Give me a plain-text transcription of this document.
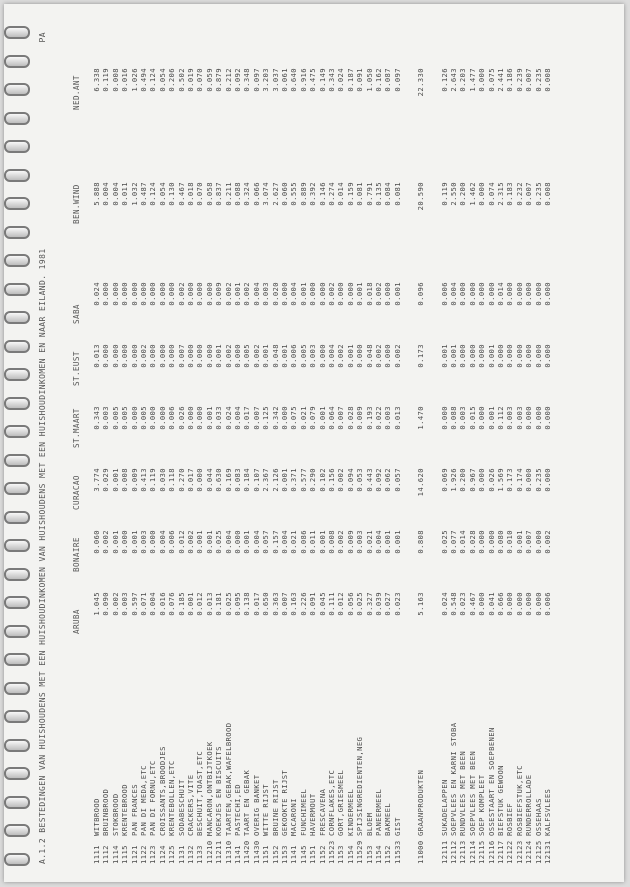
A.1.2 BESTEDINGEN VAN HUISHOUDENS MET EEN HUISHOUDINKOMEN VAN HUISHOUDENS MET EEN HUISHOUDINKOMEN EN NAAR EILAND. 1981
PA
ARUBA
BONAIRE
CURACAO
ST.MAART
ST.EUST
SABA
BEN.WIND
NED.ANT
1111
WITBROOD
1.045
0.060
3.774
0.343
0.013
0.024
5.888
6.338
1112
BRUINBROOD
0.090
0.002
0.029
0.003
0.000
0.000
0.004
0.119
1114
STOKBROOD
0.002
0.001
0.001
0.005
0.000
0.000
0.004
0.008
1115
KRENTEBROOD
0.003
0.000
0.008
0.005
0.000
0.000
0.011
0.016
1121
PAN FRANCES
0.597
0.001
0.009
0.000
0.000
0.000
1.032
1.026
1122
PAN DI MEDA,ETC
0.071
0.003
0.413
0.005
0.002
0.000
0.487
0.494
1123
PAN DI FORNU,ETC
0.004
0.000
0.119
0.000
0.000
0.000
0.124
0.124
1124
CROISSANTS,BROODJES
0.016
0.004
0.030
0.000
0.000
0.000
0.054
0.054
1125
KRENTEBOLLEN,ETC
0.076
0.006
0.118
0.006
0.000
0.000
0.130
0.206
1131
SODABESCHUIT
0.185
0.012
0.270
0.026
0.007
0.002
0.467
0.502
1132
CRACKERS,VITE
0.001
0.002
0.017
0.000
0.000
0.000
0.018
0.019
1133
BESCHUIT,TOAST,ETC
0.012
0.001
0.000
0.000
0.000
0.000
0.070
0.070
11210
MANCARON,ONTBIJTKOEK
0.013
0.001
0.044
0.001
0.000
0.000
0.058
0.059
11211
KOEKJES EN BISCUITS
0.181
0.025
0.630
0.033
0.001
0.009
0.837
0.879
11310
TAARTEN,GEBAK,WAFELBROOD
0.025
0.004
0.169
0.024
0.002
0.002
0.211
0.212
1141
PASTECHI,ED
0.095
0.000
0.083
0.004
0.000
0.001
0.088
0.092
11420
TAART EN GEBAK
0.138
0.001
0.184
0.017
0.005
0.002
0.324
0.348
11430
OVERIG BANKET
0.017
0.004
0.107
0.007
0.002
0.004
0.066
0.097
1151
WITTE RIJST
0.650
0.057
2.367
0.125
0.001
0.003
3.074
3.203
1152
BRUINE RIJST
0.363
0.157
2.126
0.342
0.048
0.020
2.627
3.037
1153
GEKOOKTE RIJST
0.007
0.004
0.001
0.000
0.001
0.000
0.060
0.061
1141
MACARONI
0.163
0.021
0.371
0.075
0.006
0.004
0.555
0.640
1145
FUNCHIMEEL
0.226
0.086
0.577
0.021
0.005
0.001
0.889
0.916
1151
HAVERMOUT
0.091
0.011
0.290
0.079
0.003
0.000
0.392
0.475
1152
FRESCAVENA
0.045
0.001
0.102
0.001
0.000
0.000
0.146
0.149
11523
CORNFLAKES,ETC
0.111
0.008
0.156
0.064
0.004
0.002
0.274
0.343
1153
GORT,GRIESMEEL
0.012
0.002
0.002
0.007
0.002
0.000
0.014
0.024
1154
KINDERMEEL
0.056
0.009
0.094
0.028
0.001
0.000
0.159
0.187
11529
SPIJSINGREDIENTEN,NEG
0.025
0.003
0.053
0.009
0.000
0.001
0.081
0.091
1153
BLOEM
0.327
0.021
0.443
0.193
0.048
0.018
0.791
1.050
1154
PANEERMEEL
0.039
0.004
0.092
0.022
0.002
0.002
0.135
0.162
1152
BAKMEEL
0.027
0.001
0.062
0.003
0.000
0.000
0.084
0.087
11533
GIST
0.023
0.001
0.057
0.013
0.002
0.001
0.081
0.097
11000
GRAANPRODUKTEN
5.163
0.808
14.620
1.470
0.173
0.096
20.590
22.330
12111
SUKADELAPPEN
0.024
0.025
0.069
0.000
0.001
0.006
0.119
0.126
12112
SOEPVLEES EN KARNI STOBA
0.548
0.077
1.926
0.088
0.001
0.004
2.550
2.643
12113
RUNDVLEES MET BEEN
0.023
0.014
0.200
0.003
0.000
0.000
0.200
0.203
12114
SOEPVLEES MET BEEN
0.467
0.028
0.967
0.015
0.000
0.000
1.462
1.477
12115
SOEP KOMPLEET
0.000
0.000
0.000
0.000
0.000
0.000
0.000
0.000
12116
OSSESTAART EN SOEPBENEN
0.041
0.000
0.026
0.001
0.001
0.000
0.074
0.075
12117
BIEFSTUK GEWOON
0.666
0.080
1.569
0.112
0.000
0.014
2.315
2.441
12122
ROSBIEF
0.000
0.010
0.173
0.003
0.000
0.000
0.183
0.186
12123
ROSBIEFSTUK,ETC
0.000
0.001
0.174
0.003
0.000
0.000
0.232
0.239
12124
RUNDERROLLADE
0.000
0.007
0.000
0.000
0.000
0.000
0.007
0.007
12125
OSSEHAAS
0.000
0.000
0.235
0.000
0.000
0.000
0.235
0.235
12131
KALFSVLEES
0.006
0.002
0.000
0.000
0.000
0.000
0.008
0.008
